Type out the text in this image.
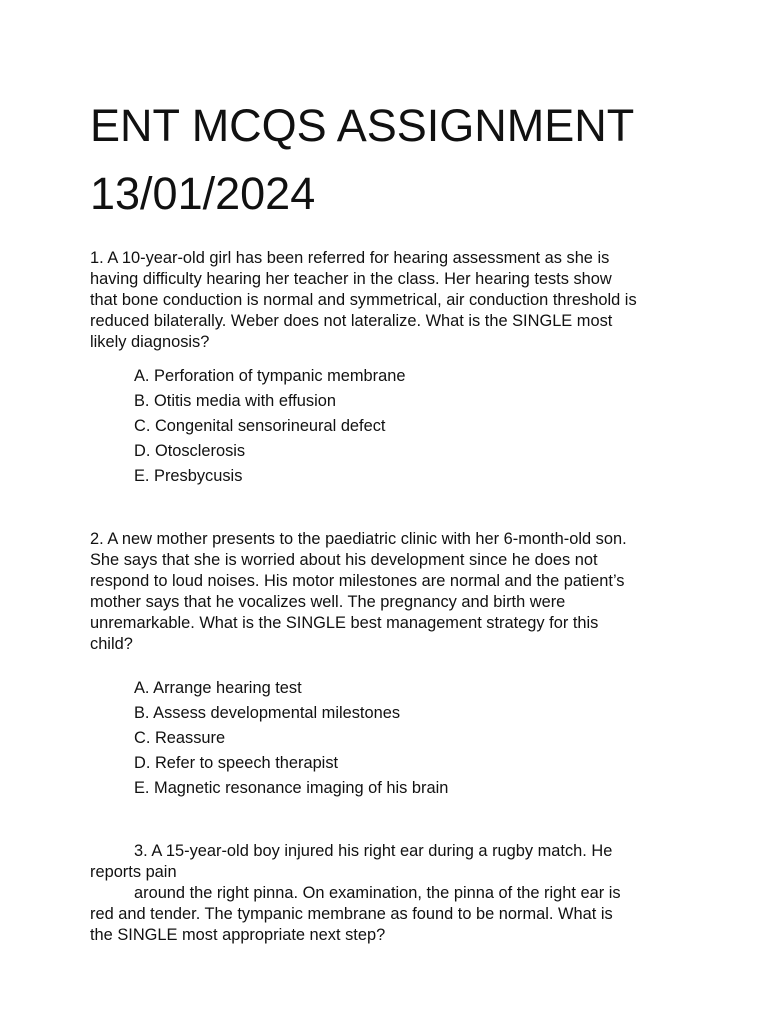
ENT MCQS ASSIGNMENT
13/01/2024
1. A 10-year-old girl has been referred for hearing assessment as she is
having difficulty hearing her teacher in the class. Her hearing tests show
that bone conduction is normal and symmetrical, air conduction threshold is
reduced bilaterally. Weber does not lateralize. What is the SINGLE most
likely diagnosis?
A. Perforation of tympanic membrane
B. Otitis media with effusion
C. Congenital sensorineural defect
D. Otosclerosis
E. Presbycusis
2. A new mother presents to the paediatric clinic with her 6-month-old son.
She says that she is worried about his development since he does not
respond to loud noises. His motor milestones are normal and the patient’s
mother says that he vocalizes well. The pregnancy and birth were
unremarkable. What is the SINGLE best management strategy for this
child?
A. Arrange hearing test
B. Assess developmental milestones
C. Reassure
D. Refer to speech therapist
E. Magnetic resonance imaging of his brain
3. A 15-year-old boy injured his right ear during a rugby match. He
reports pain
around the right pinna. On examination, the pinna of the right ear is
red and tender. The tympanic membrane as found to be normal. What is
the SINGLE most appropriate next step?
